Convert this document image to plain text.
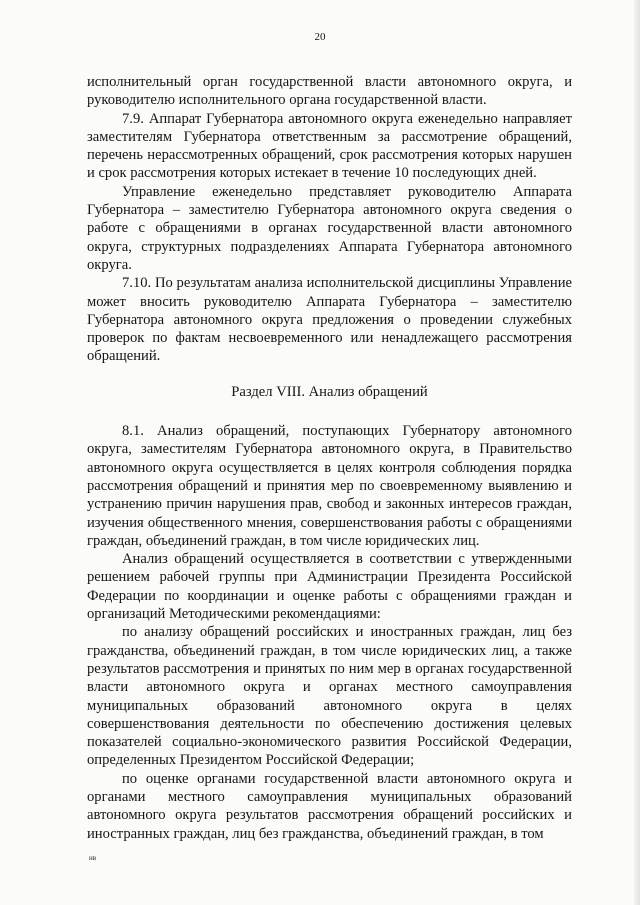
20

исполнительный орган государственной власти автономного округа, и руководителю исполнительного органа государственной власти.

7.9. Аппарат Губернатора автономного округа еженедельно направляет заместителям Губернатора ответственным за рассмотрение обращений, перечень нерассмотренных обращений, срок рассмотрения которых нарушен и срок рассмотрения которых истекает в течение 10 последующих дней.

Управление еженедельно представляет руководителю Аппарата Губернатора – заместителю Губернатора автономного округа сведения о работе с обращениями в органах государственной власти автономного округа, структурных подразделениях Аппарата Губернатора автономного округа.

7.10. По результатам анализа исполнительской дисциплины Управление может вносить руководителю Аппарата Губернатора – заместителю Губернатора автономного округа предложения о проведении служебных проверок по фактам несвоевременного или ненадлежащего рассмотрения обращений.

Раздел VIII. Анализ обращений

8.1. Анализ обращений, поступающих Губернатору автономного округа, заместителям Губернатора автономного округа, в Правительство автономного округа осуществляется в целях контроля соблюдения порядка рассмотрения обращений и принятия мер по своевременному выявлению и устранению причин нарушения прав, свобод и законных интересов граждан, изучения общественного мнения, совершенствования работы с обращениями граждан, объединений граждан, в том числе юридических лиц.

Анализ обращений осуществляется в соответствии с утвержденными решением рабочей группы при Администрации Президента Российской Федерации по координации и оценке работы с обращениями граждан и организаций Методическими рекомендациями:

по анализу обращений российских и иностранных граждан, лиц без гражданства, объединений граждан, в том числе юридических лиц, а также результатов рассмотрения и принятых по ним мер в органах государственной власти автономного округа и органах местного самоуправления муниципальных образований автономного округа в целях совершенствования деятельности по обеспечению достижения целевых показателей социально-экономического развития Российской Федерации, определенных Президентом Российской Федерации;

по оценке органами государственной власти автономного округа и органами местного самоуправления муниципальных образований автономного округа результатов рассмотрения обращений российских и иностранных граждан, лиц без гражданства, объединений граждан, в том

нв
